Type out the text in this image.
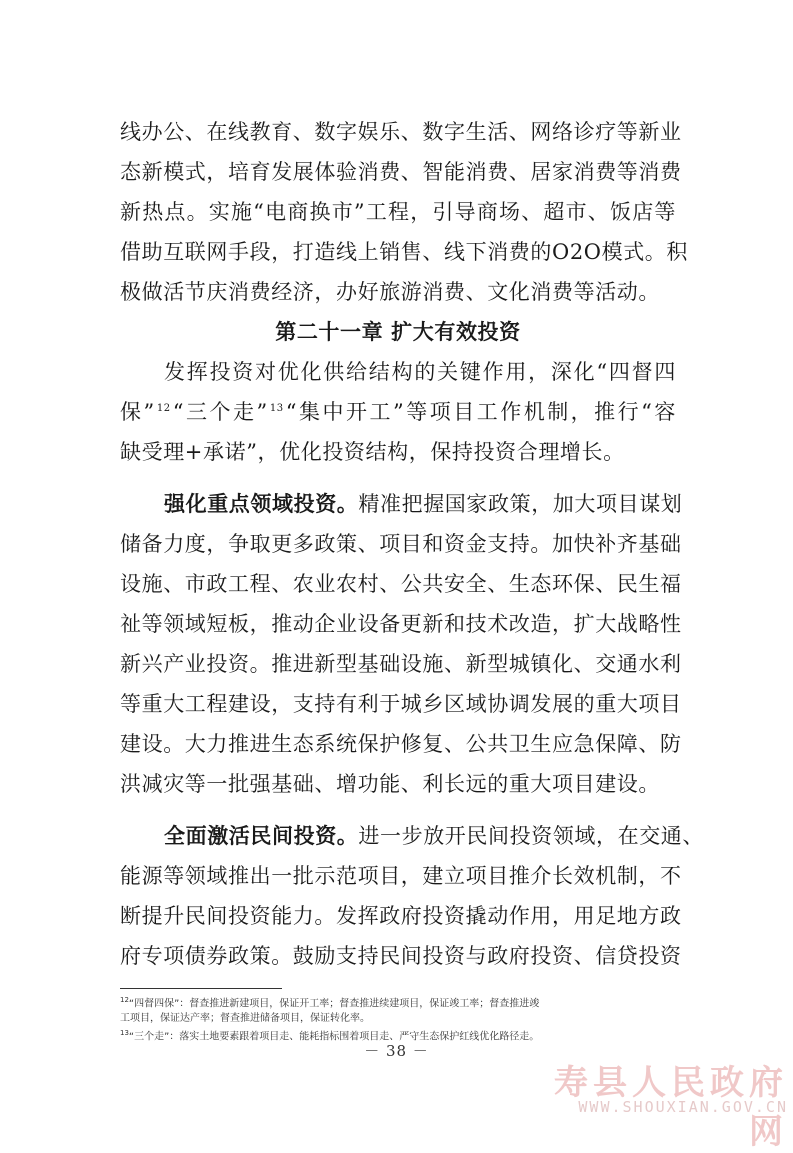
线办公、在线教育、数字娱乐、数字生活、网络诊疗等新业
态新模式，培育发展体验消费、智能消费、居家消费等消费
新热点。实施“电商换市”工程，引导商场、超市、饭店等
借助互联网手段，打造线上销售、线下消费的O2O模式。积
极做活节庆消费经济，办好旅游消费、文化消费等活动。
第二十一章 扩大有效投资
发挥投资对优化供给结构的关键作用，深化“四督四
保” $^{12}$“三个走” $^{13}$“集中开工”等项目工作机制，推行“容
缺受理+承诺”，优化投资结构，保持投资合理增长。
强化重点领域投资。精准把握国家政策，加大项目谋划
储备力度，争取更多政策、项目和资金支持。加快补齐基础
设施、市政工程、农业农村、公共安全、生态环保、民生福
祉等领域短板，推动企业设备更新和技术改造，扩大战略性
新兴产业投资。推进新型基础设施、新型城镇化、交通水利
等重大工程建设，支持有利于城乡区域协调发展的重大项目
建设。大力推进生态系统保护修复、公共卫生应急保障、防
洪减灾等一批强基础、增功能、利长远的重大项目建设。
全面激活民间投资。进一步放开民间投资领域，在交通、
能源等领域推出一批示范项目，建立项目推介长效机制，不
断提升民间投资能力。发挥政府投资撬动作用，用足地方政
府专项债券政策。鼓励支持民间投资与政府投资、信贷投资
$^{12}$“四督四保”：督查推进新建项目，保证开工率；督查推进续建项目，保证竣工率；督查推进竣
工项目，保证达产率；督查推进储备项目，保证转化率。
$^{13}$“三个走”：落实土地要素跟着项目走、能耗指标围着项目走、严守生态保护红线优化路径走。
－ 38 －
寿县人民政府网
WWW.SHOUXIAN.GOV.CN
